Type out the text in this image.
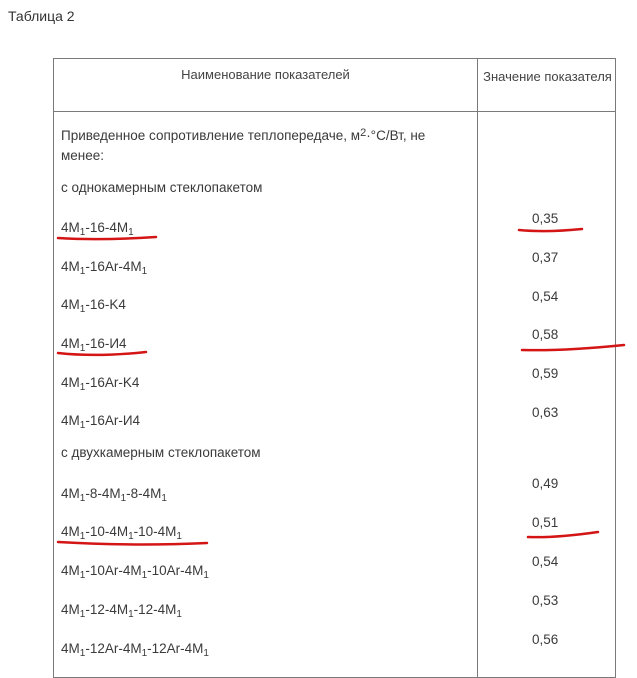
Таблица 2
Наименование показателей	Значение показателя
Приведенное сопротивление теплопередаче, $м^2\cdot^\circ C/Вт$, не менее:
с однокамерным стеклопакетом
с двухкамерным стеклопакетом
$4M_1-16-4M_1$
$4M_1-16Ar-4M_1$
$4M_1-16-K4$
$4M_1-16-И4$
$4M_1-16Ar-K4$
$4M_1-16Ar-И4$
$4M_1-8-4M_1-8-4M_1$
$4M_1-10-4M_1-10-4M_1$
$4M_1-10Ar-4M_1-10Ar-4M_1$
$4M_1-12-4M_1-12-4M_1$
$4M_1-12Ar-4M_1-12Ar-4M_1$
0,35
0,37
0,54
0,58
0,59
0,63
0,49
0,51
0,54
0,53
0,56
